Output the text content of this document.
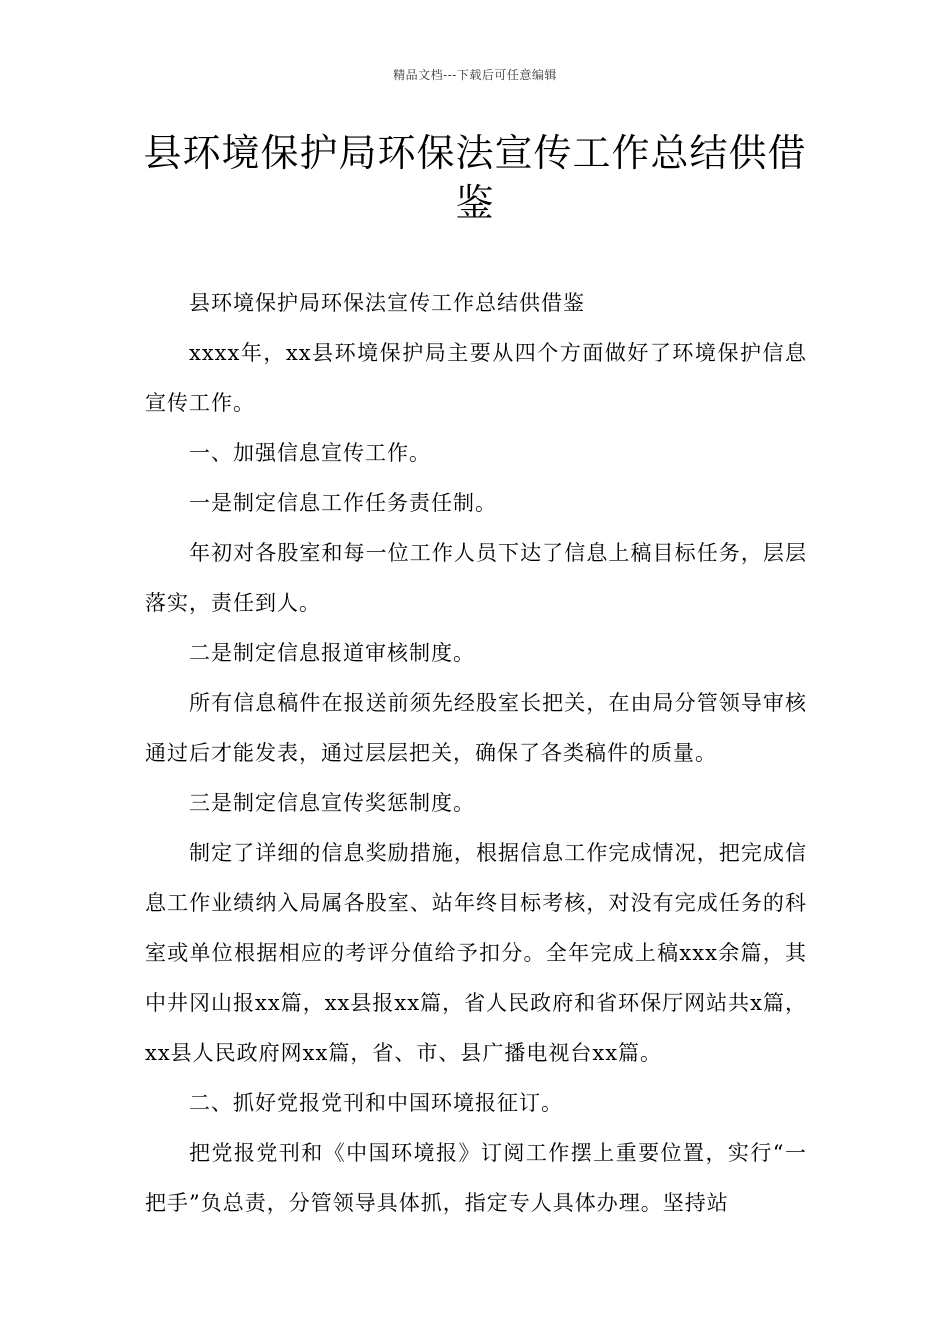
精品文档---下载后可任意编辑
县环境保护局环保法宣传工作总结供借鉴

县环境保护局环保法宣传工作总结供借鉴

xxxx年，xx县环境保护局主要从四个方面做好了环境保护信息宣传工作。

一、加强信息宣传工作。

一是制定信息工作任务责任制。

年初对各股室和每一位工作人员下达了信息上稿目标任务，层层落实，责任到人。

二是制定信息报道审核制度。

所有信息稿件在报送前须先经股室长把关，在由局分管领导审核通过后才能发表，通过层层把关，确保了各类稿件的质量。

三是制定信息宣传奖惩制度。

制定了详细的信息奖励措施，根据信息工作完成情况，把完成信息工作业绩纳入局属各股室、站年终目标考核，对没有完成任务的科室或单位根据相应的考评分值给予扣分。全年完成上稿xxx余篇，其中井冈山报xx篇，xx县报xx篇，省人民政府和省环保厅网站共x篇，xx县人民政府网xx篇，省、市、县广播电视台xx篇。

二、抓好党报党刊和中国环境报征订。

把党报党刊和《中国环境报》订阅工作摆上重要位置，实行“一把手”负总责，分管领导具体抓，指定专人具体办理。坚持站
